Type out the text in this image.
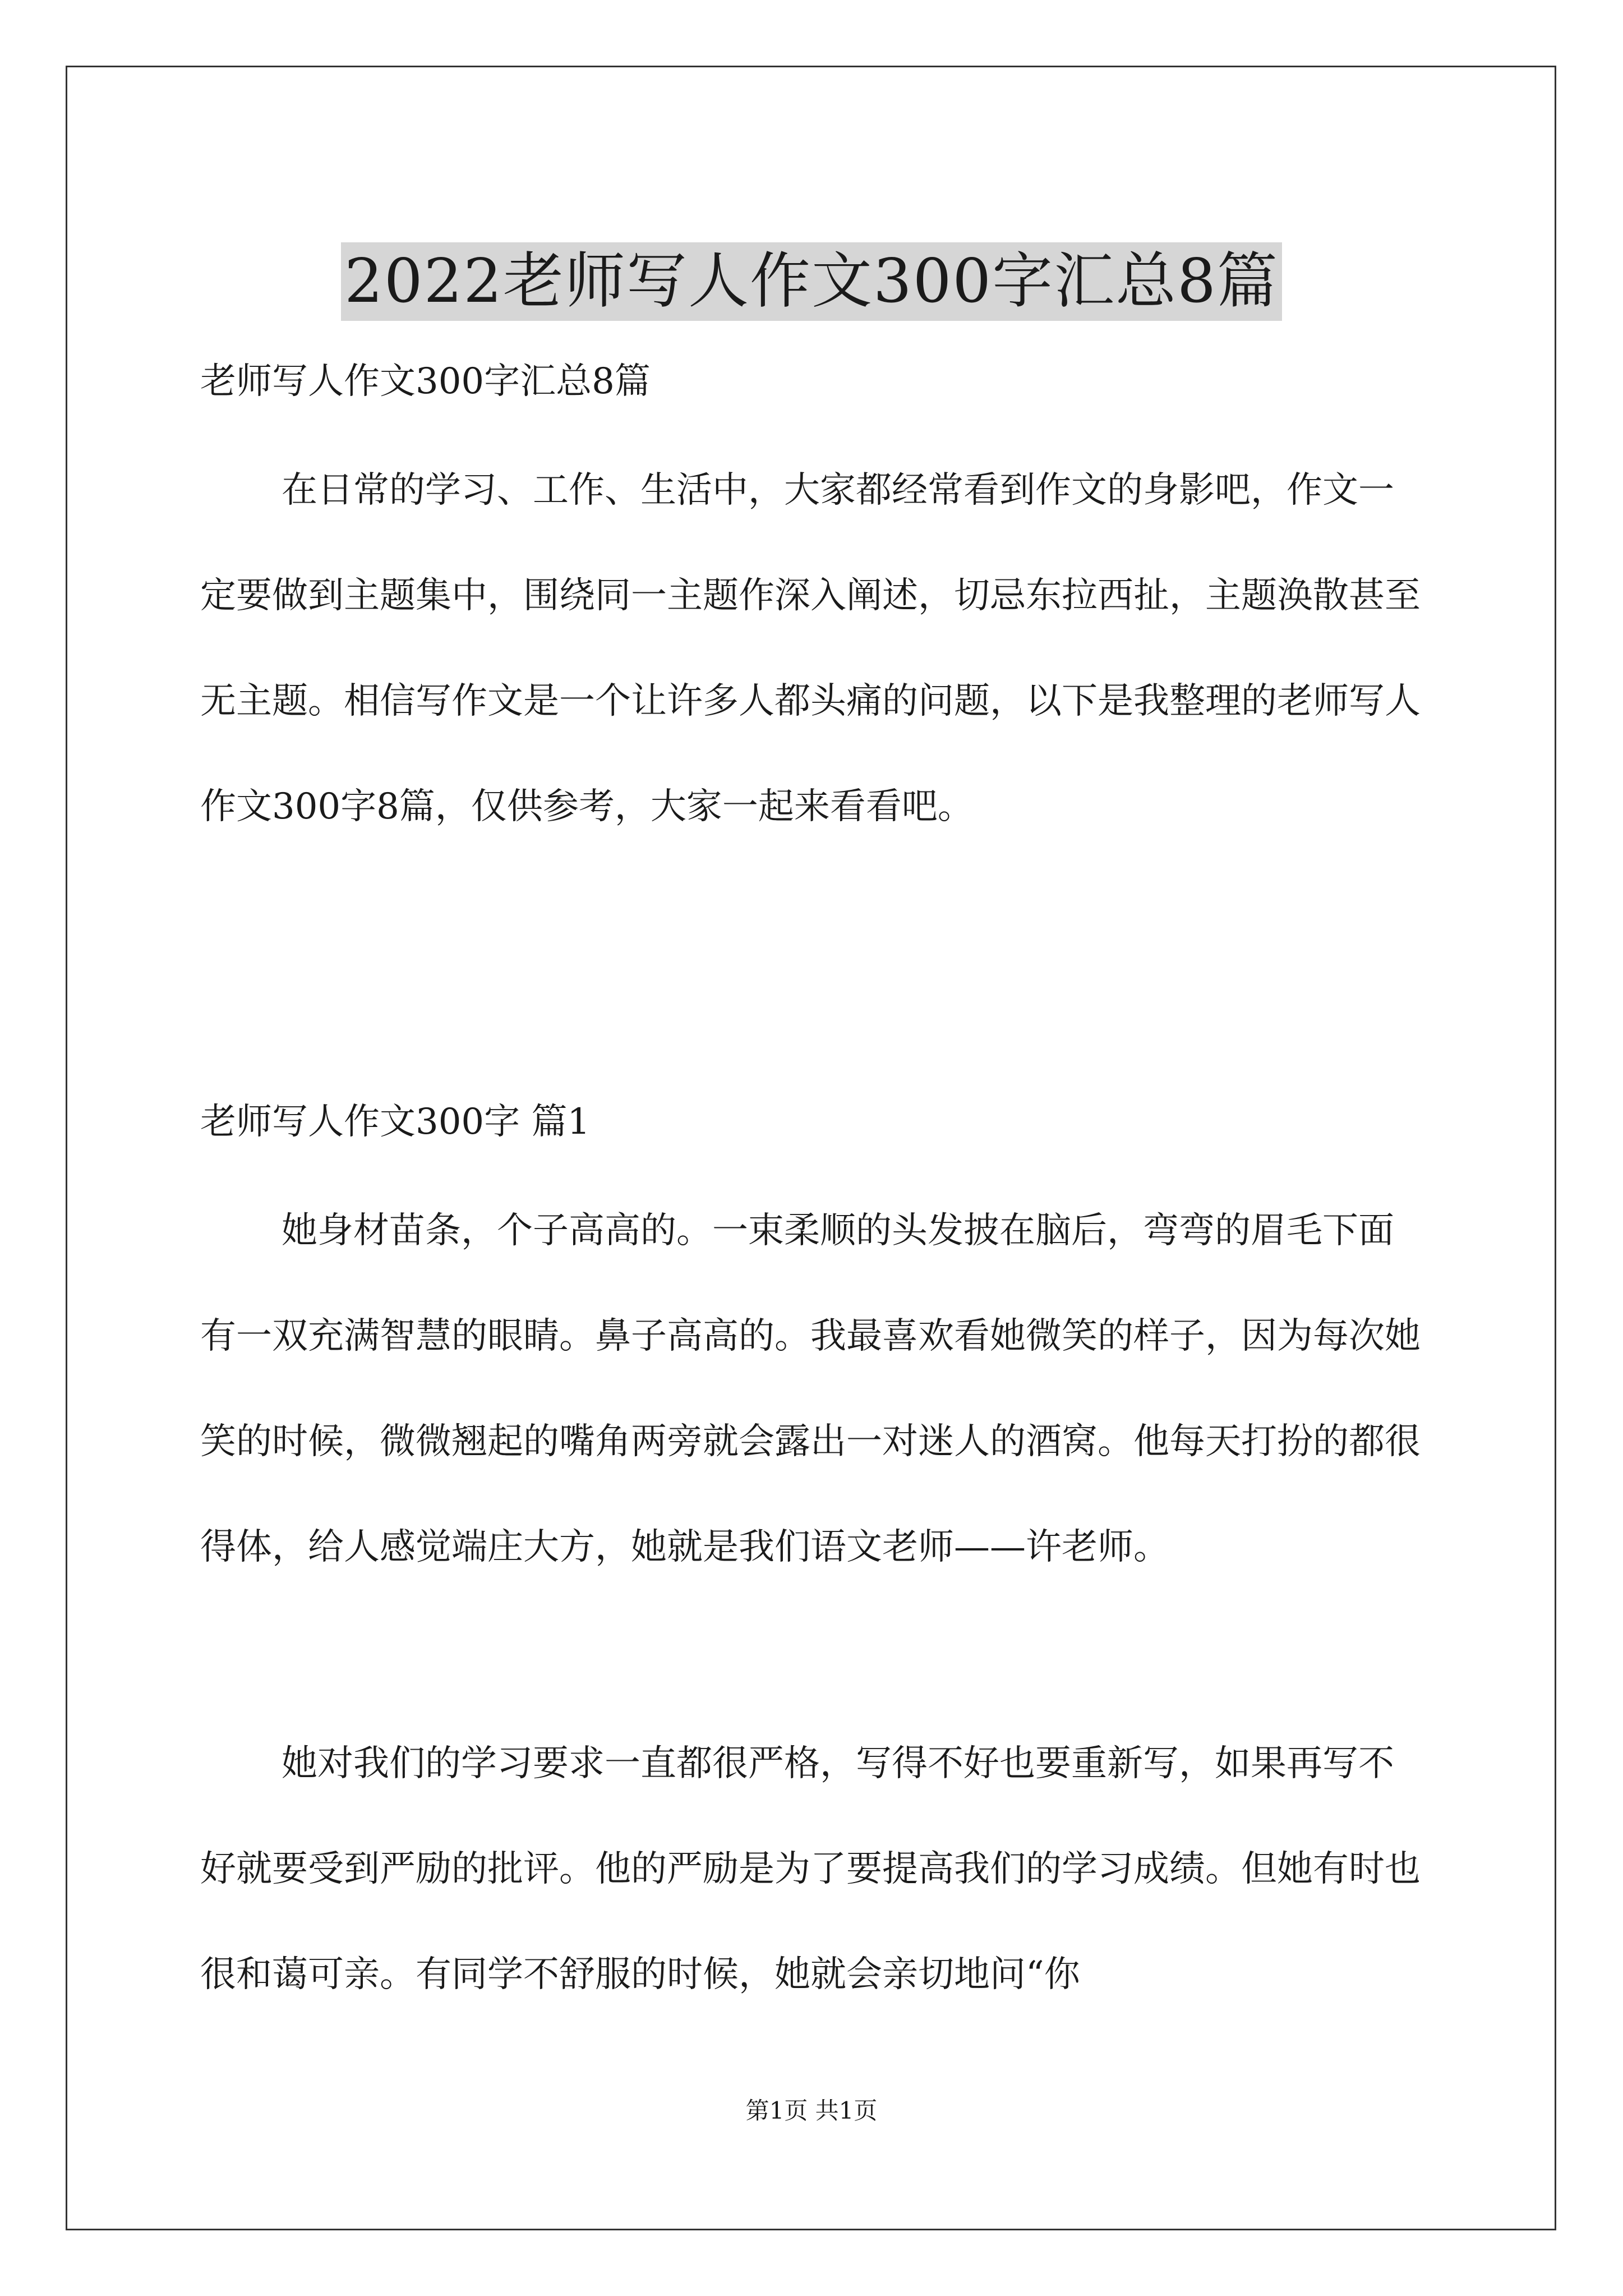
2022老师写人作文300字汇总8篇

老师写人作文300字汇总8篇

在日常的学习、工作、生活中，大家都经常看到作文的身影吧，作文一定要做到主题集中，围绕同一主题作深入阐述，切忌东拉西扯，主题涣散甚至无主题。相信写作文是一个让许多人都头痛的问题，以下是我整理的老师写人作文300字8篇，仅供参考，大家一起来看看吧。

老师写人作文300字 篇1

她身材苗条，个子高高的。一束柔顺的头发披在脑后，弯弯的眉毛下面有一双充满智慧的眼睛。鼻子高高的。我最喜欢看她微笑的样子，因为每次她笑的时候，微微翘起的嘴角两旁就会露出一对迷人的酒窝。他每天打扮的都很得体，给人感觉端庄大方，她就是我们语文老师——许老师。

她对我们的学习要求一直都很严格，写得不好也要重新写，如果再写不好就要受到严励的批评。他的严励是为了要提高我们的学习成绩。但她有时也很和蔼可亲。有同学不舒服的时候，她就会亲切地问“你

第1页 共1页
